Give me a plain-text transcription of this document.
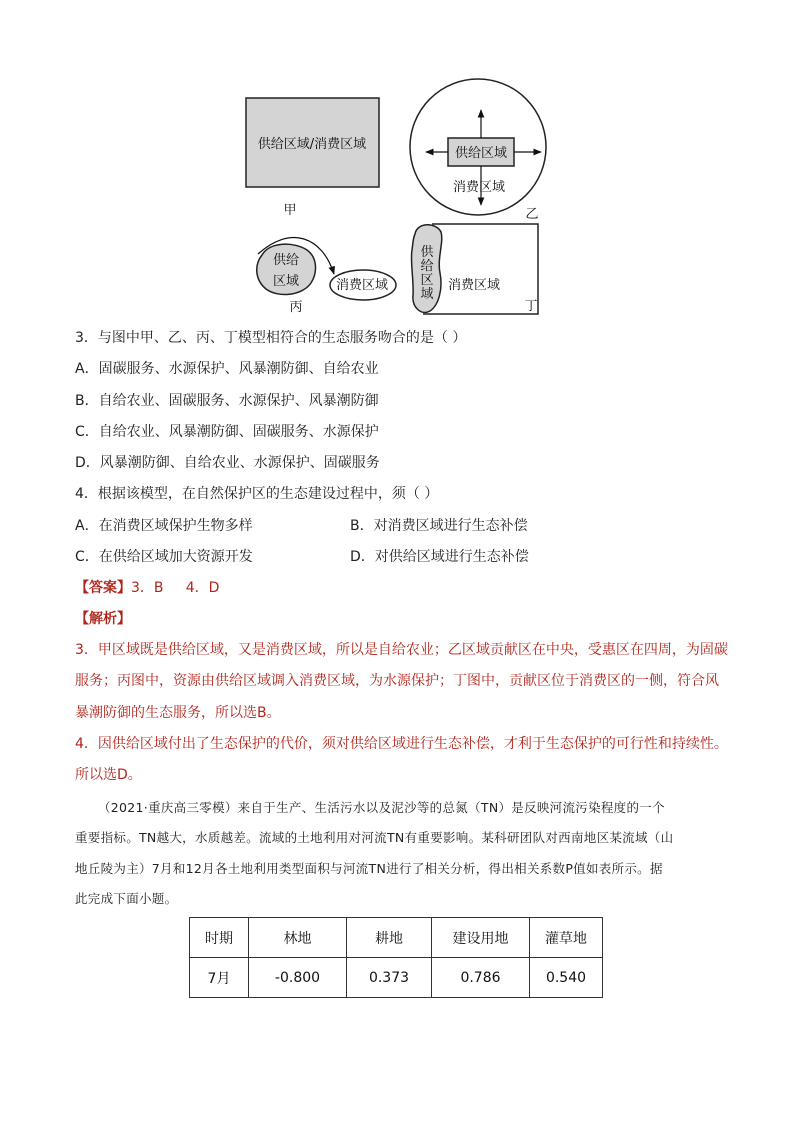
供给区域/消费区域
甲
供给区域
消费区域
乙
供给
区域	消费区域
丙
供
给
区
域
消费区域
丁
3．与图中甲、乙、丙、丁模型相符合的生态服务吻合的是（ ）
A．固碳服务、水源保护、风暴潮防御、自给农业
B．自给农业、固碳服务、水源保护、风暴潮防御
C．自给农业、风暴潮防御、固碳服务、水源保护
D．风暴潮防御、自给农业、水源保护、固碳服务
4．根据该模型，在自然保护区的生态建设过程中，须（ ）
A．在消费区域保护生物多样	B．对消费区域进行生态补偿
C．在供给区域加大资源开发	D．对供给区域进行生态补偿
【答案】3．B     4．D
【解析】
3．甲区域既是供给区域，又是消费区域，所以是自给农业；乙区域贡献区在中央，受惠区在四周，为固碳
服务；丙图中，资源由供给区域调入消费区域，为水源保护；丁图中，贡献区位于消费区的一侧，符合风
暴潮防御的生态服务，所以选B。
4．因供给区域付出了生态保护的代价，须对供给区域进行生态补偿，才利于生态保护的可行性和持续性。
所以选D。
（2021·重庆高三零模）来自于生产、生活污水以及泥沙等的总氮（TN）是反映河流污染程度的一个
重要指标。TN越大，水质越差。流域的土地利用对河流TN有重要影响。某科研团队对西南地区某流域（山
地丘陵为主）7月和12月各土地利用类型面积与河流TN进行了相关分析，得出相关系数P值如表所示。据
此完成下面小题。
时期	林地	耕地	建设用地	灌草地
7月	-0.800	0.373	0.786	0.540
